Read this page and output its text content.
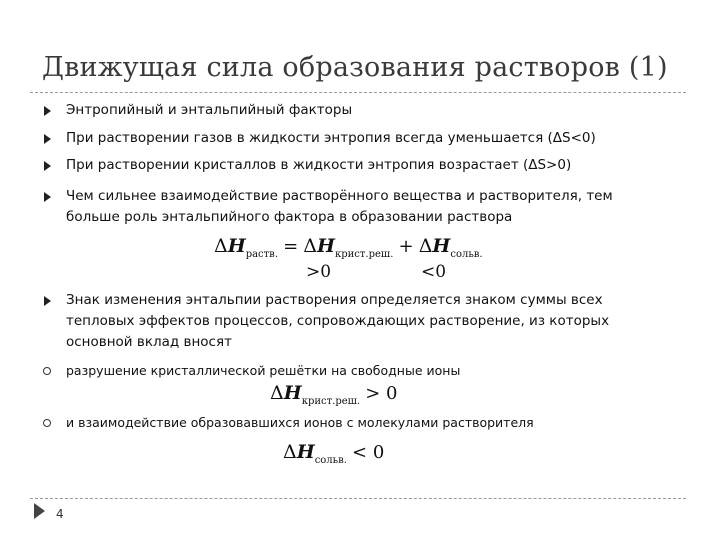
Движущая сила образования растворов (1)
Энтропийный и энтальпийный факторы
При растворении газов в жидкости энтропия всегда уменьшается (ΔS<0)
При растворении кристаллов в жидкости энтропия возрастает (ΔS>0)
Чем сильнее взаимодействие растворённого вещества и растворителя, тем больше роль энтальпийного фактора в образовании раствора
$\Delta H_{раств.} = \Delta H_{крист.реш.} + \Delta H_{сольв.}$
>0	<0
Знак изменения энтальпии растворения определяется знаком суммы всех тепловых эффектов процессов, сопровождающих растворение, из которых основной вклад вносят
разрушение кристаллической решётки на свободные ионы
$\Delta H_{крист.реш.} > 0$
и взаимодействие образовавшихся ионов с молекулами растворителя
$\Delta H_{сольв.} < 0$
4
